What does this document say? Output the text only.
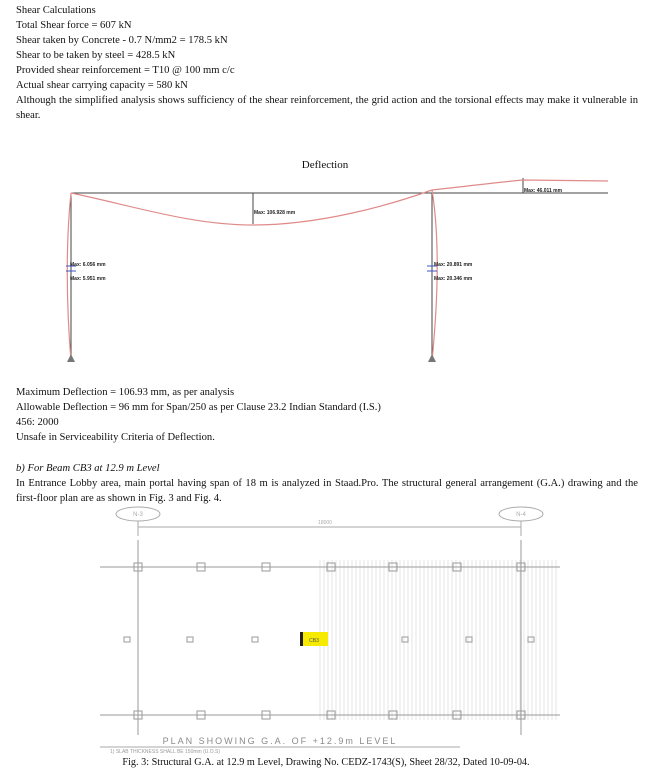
Shear Calculations
Total Shear force = 607 kN
Shear taken by Concrete - 0.7 N/mm2 = 178.5 kN
Shear to be taken by steel = 428.5 kN
Provided shear reinforcement = T10 @ 100 mm c/c
Actual shear carrying capacity = 580 kN
Although the simplified analysis shows sufficiency of the shear reinforcement, the grid action and the torsional effects may make it vulnerable in shear.
Deflection
Max: 46.011 mm
Max: 106.928 mm
Max: 6.056 mm
Max: 5.951 mm
Max: 20.891 mm
Max: 20.346 mm
Maximum Deflection = 106.93 mm, as per analysis
Allowable Deflection = 96 mm for Span/250 as per Clause 23.2 Indian Standard (I.S.)
456: 2000
Unsafe in Serviceability Criteria of Deflection.
b) For Beam CB3 at 12.9 m Level
In Entrance Lobby area, main portal having span of 18 m is analyzed in Staad.Pro. The structural general arrangement (G.A.) drawing and the first-floor plan are as shown in Fig. 3 and Fig. 4.
N-3	N-4
18000
CB3
PLAN SHOWING G.A. OF +12.9m LEVEL
1) SLAB THICKNESS SHALL BE 150mm (U.O.S)
Fig. 3: Structural G.A. at 12.9 m Level, Drawing No. CEDZ-1743(S), Sheet 28/32, Dated 10-09-04.
